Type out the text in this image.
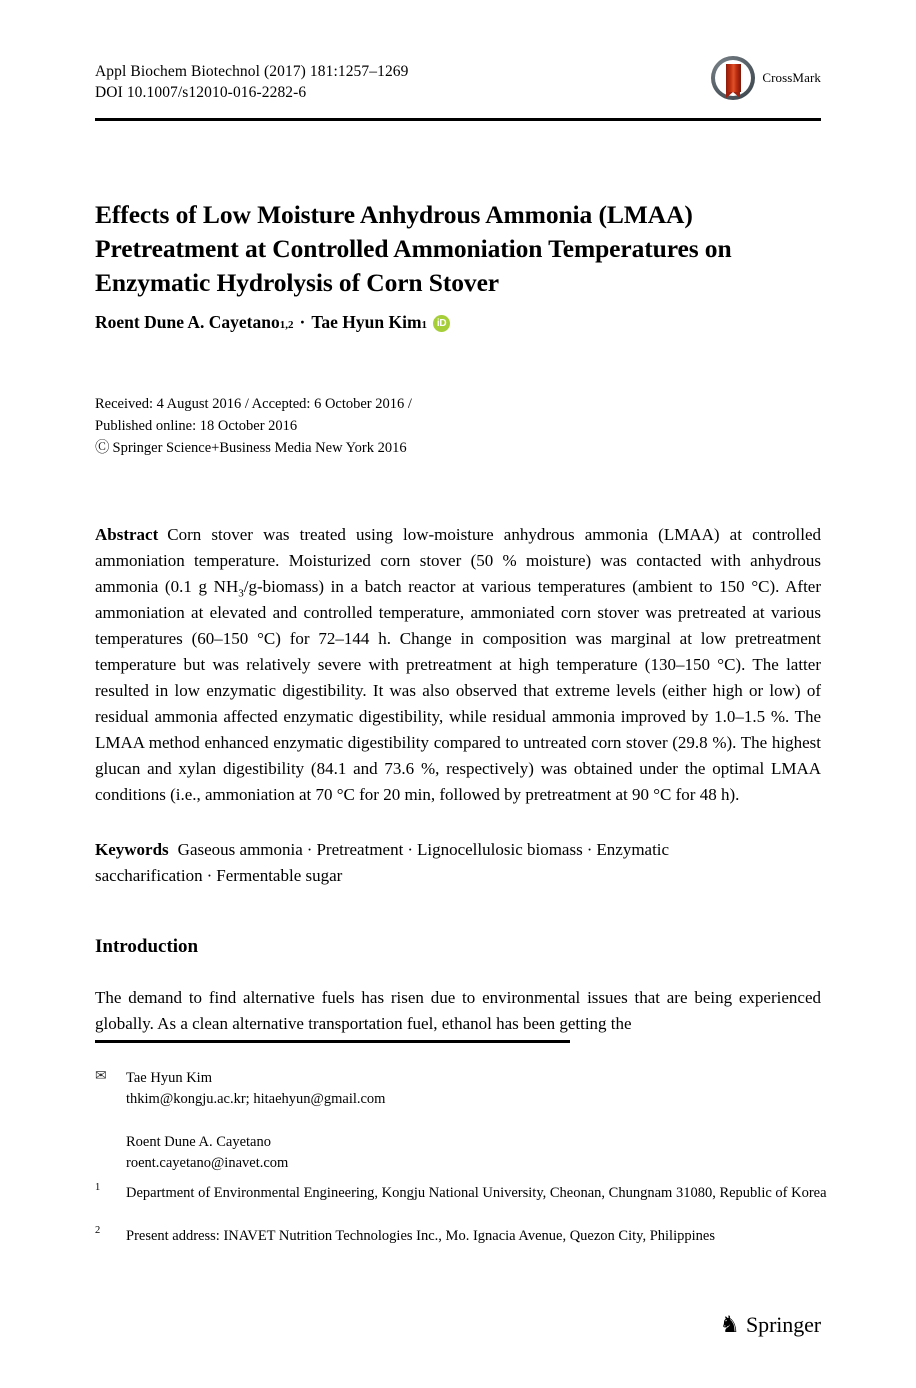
Appl Biochem Biotechnol (2017) 181:1257–1269
DOI 10.1007/s12010-016-2282-6
CrossMark
Effects of Low Moisture Anhydrous Ammonia (LMAA) Pretreatment at Controlled Ammoniation Temperatures on Enzymatic Hydrolysis of Corn Stover
Roent Dune A. Cayetano 1,2 · Tae Hyun Kim 1 iD
Received: 4 August 2016 / Accepted: 6 October 2016 /
Published online: 18 October 2016
Ⓒ Springer Science+Business Media New York 2016

Abstract Corn stover was treated using low-moisture anhydrous ammonia (LMAA) at controlled ammoniation temperature. Moisturized corn stover (50 % moisture) was contacted with anhydrous ammonia (0.1 g $NH_3/g-biomass$) in a batch reactor at various temperatures (ambient to 150 °C). After ammoniation at elevated and controlled temperature, ammoniated corn stover was pretreated at various temperatures (60–150 °C) for 72–144 h. Change in composition was marginal at low pretreatment temperature but was relatively severe with pretreatment at high temperature (130–150 °C). The latter resulted in low enzymatic digestibility. It was also observed that extreme levels (either high or low) of residual ammonia affected enzymatic digestibility, while residual ammonia improved by 1.0–1.5 %. The LMAA method enhanced enzymatic digestibility compared to untreated corn stover (29.8 %). The highest glucan and xylan digestibility (84.1 and 73.6 %, respectively) was obtained under the optimal LMAA conditions (i.e., ammoniation at 70 °C for 20 min, followed by pretreatment at 90 °C for 48 h).

Keywords Gaseous ammonia · Pretreatment · Lignocellulosic biomass · Enzymatic saccharification · Fermentable sugar

Introduction

The demand to find alternative fuels has risen due to environmental issues that are being experienced globally. As a clean alternative transportation fuel, ethanol has been getting the

✉	Tae Hyun Kim
thkim@kongju.ac.kr; hitaehyun@gmail.com
Roent Dune A. Cayetano
roent.cayetano@inavet.com
1	Department of Environmental Engineering, Kongju National University, Cheonan, Chungnam 31080, Republic of Korea
2	Present address: INAVET Nutrition Technologies Inc., Mo. Ignacia Avenue, Quezon City, Philippines
♞ Springer
